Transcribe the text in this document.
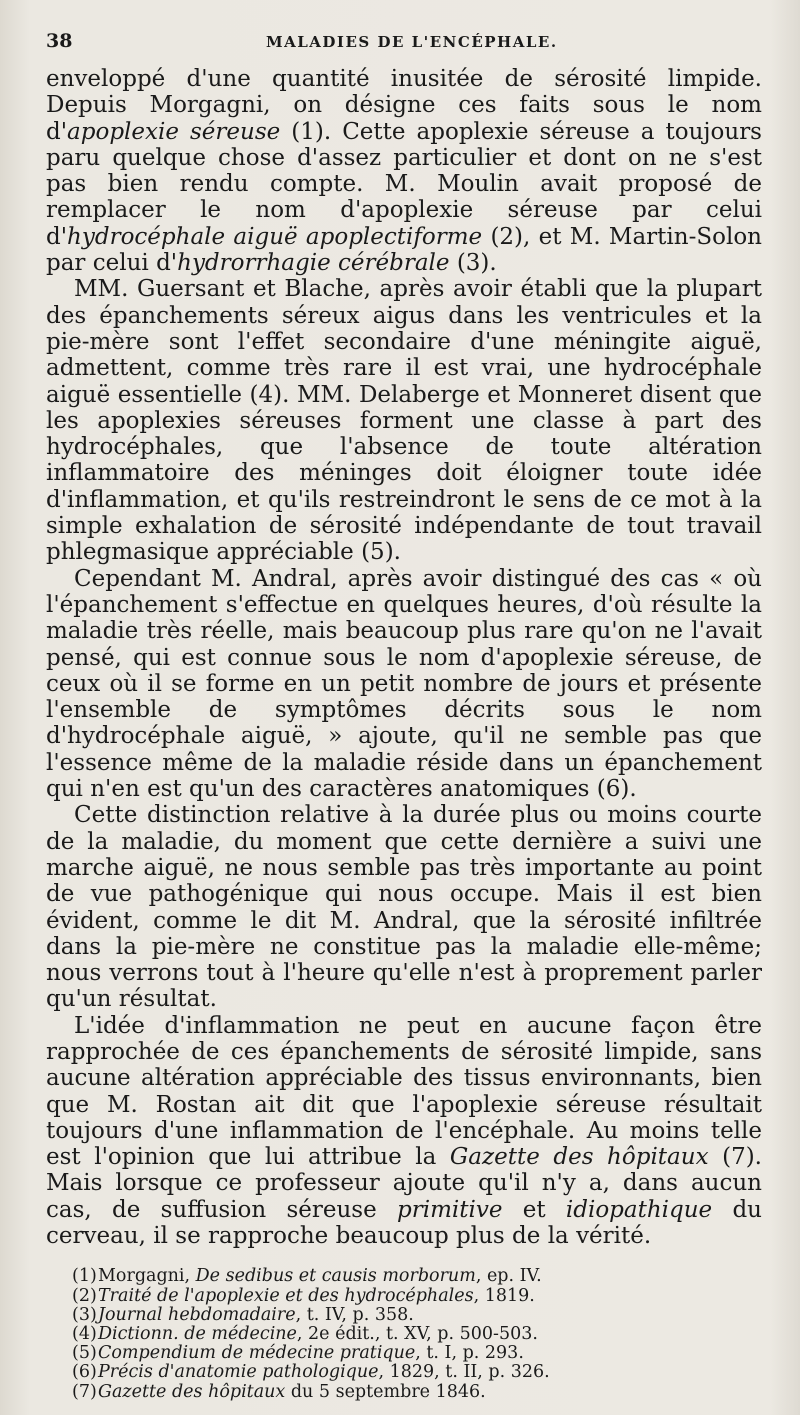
38	MALADIES DE L'ENCÉPHALE.

enveloppé d'une quantité inusitée de sérosité limpide. Depuis Morgagni, on désigne ces faits sous le nom d'apoplexie séreuse (1). Cette apoplexie séreuse a toujours paru quelque chose d'assez particulier et dont on ne s'est pas bien rendu compte. M. Moulin avait proposé de remplacer le nom d'apoplexie séreuse par celui d'hydrocéphale aiguë apoplectiforme (2), et M. Martin-Solon par celui d'hydrorrhagie cérébrale (3).

MM. Guersant et Blache, après avoir établi que la plupart des épanchements séreux aigus dans les ventricules et la pie-mère sont l'effet secondaire d'une méningite aiguë, admettent, comme très rare il est vrai, une hydrocéphale aiguë essentielle (4). MM. Delaberge et Monneret disent que les apoplexies séreuses forment une classe à part des hydrocéphales, que l'absence de toute altération inflammatoire des méninges doit éloigner toute idée d'inflammation, et qu'ils restreindront le sens de ce mot à la simple exhalation de sérosité indépendante de tout travail phlegmasique appréciable (5).

Cependant M. Andral, après avoir distingué des cas « où l'épanchement s'effectue en quelques heures, d'où résulte la maladie très réelle, mais beaucoup plus rare qu'on ne l'avait pensé, qui est connue sous le nom d'apoplexie séreuse, de ceux où il se forme en un petit nombre de jours et présente l'ensemble de symptômes décrits sous le nom d'hydrocéphale aiguë, » ajoute, qu'il ne semble pas que l'essence même de la maladie réside dans un épanchement qui n'en est qu'un des caractères anatomiques (6).

Cette distinction relative à la durée plus ou moins courte de la maladie, du moment que cette dernière a suivi une marche aiguë, ne nous semble pas très importante au point de vue pathogénique qui nous occupe. Mais il est bien évident, comme le dit M. Andral, que la sérosité infiltrée dans la pie-mère ne constitue pas la maladie elle-même; nous verrons tout à l'heure qu'elle n'est à proprement parler qu'un résultat.

L'idée d'inflammation ne peut en aucune façon être rapprochée de ces épanchements de sérosité limpide, sans aucune altération appréciable des tissus environnants, bien que M. Rostan ait dit que l'apoplexie séreuse résultait toujours d'une inflammation de l'encéphale. Au moins telle est l'opinion que lui attribue la Gazette des hôpitaux (7). Mais lorsque ce professeur ajoute qu'il n'y a, dans aucun cas, de suffusion séreuse primitive et idiopathique du cerveau, il se rapproche beaucoup plus de la vérité.

(1)Morgagni, De sedibus et causis morborum, ep. IV.
(2)Traité de l'apoplexie et des hydrocéphales, 1819.
(3)Journal hebdomadaire, t. IV, p. 358.
(4)Dictionn. de médecine, 2e édit., t. XV, p. 500-503.
(5)Compendium de médecine pratique, t. I, p. 293.
(6)Précis d'anatomie pathologique, 1829, t. II, p. 326.
(7)Gazette des hôpitaux du 5 septembre 1846.
